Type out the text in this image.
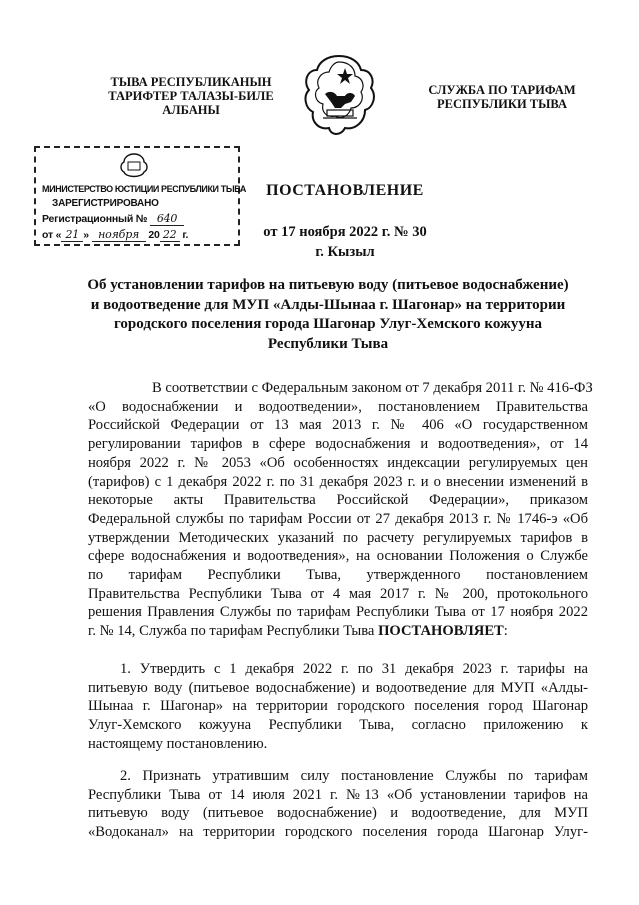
ТЫВА РЕСПУБЛИКАНЫН
ТАРИФТЕР ТАЛАЗЫ-БИЛЕ
АЛБАНЫ
СЛУЖБА ПО ТАРИФАМ
РЕСПУБЛИКИ ТЫВА
МИНИСТЕРСТВО ЮСТИЦИИ РЕСПУБЛИКИ ТЫВА
ЗАРЕГИСТРИРОВАНО
Регистрационный № 640
от « 21 » ноября 20 22 г.
ПОСТАНОВЛЕНИЕ
от 17 ноября 2022 г. № 30
г. Кызыл
Об установлении тарифов на питьевую воду (питьевое водоснабжение)
и водоотведение для МУП «Алды-Шынаа г. Шагонар» на территории
городского поселения города Шагонар Улуг-Хемского кожууна
Республики Тыва
В соответствии с Федеральным законом от 7 декабря 2011 г. № 416-ФЗ
«О водоснабжении и водоотведении», постановлением Правительства
Российской Федерации от 13 мая 2013 г. № 406 «О государственном
регулировании тарифов в сфере водоснабжения и водоотведения», от 14
ноября 2022 г. № 2053 «Об особенностях индексации регулируемых цен
(тарифов) с 1 декабря 2022 г. по 31 декабря 2023 г. и о внесении изменений в
некоторые акты Правительства Российской Федерации», приказом
Федеральной службы по тарифам России от 27 декабря 2013 г. № 1746-э «Об
утверждении Методических указаний по расчету регулируемых тарифов в
сфере водоснабжения и водоотведения», на основании Положения о Службе
по тарифам Республики Тыва, утвержденного постановлением
Правительства Республики Тыва от 4 мая 2017 г. № 200, протокольного
решения Правления Службы по тарифам Республики Тыва от 17 ноября 2022
г. № 14, Служба по тарифам Республики Тыва ПОСТАНОВЛЯЕТ:
1. Утвердить с 1 декабря 2022 г. по 31 декабря 2023 г. тарифы на
питьевую воду (питьевое водоснабжение) и водоотведение для МУП «Алды-
Шынаа г. Шагонар» на территории городского поселения город Шагонар
Улуг-Хемского кожууна Республики Тыва, согласно приложению к
настоящему постановлению.
2. Признать утратившим силу постановление Службы по тарифам
Республики Тыва от 14 июля 2021 г. №13 «Об установлении тарифов на
питьевую воду (питьевое водоснабжение) и водоотведение, для МУП
«Водоканал» на территории городского поселения города Шагонар Улуг-
